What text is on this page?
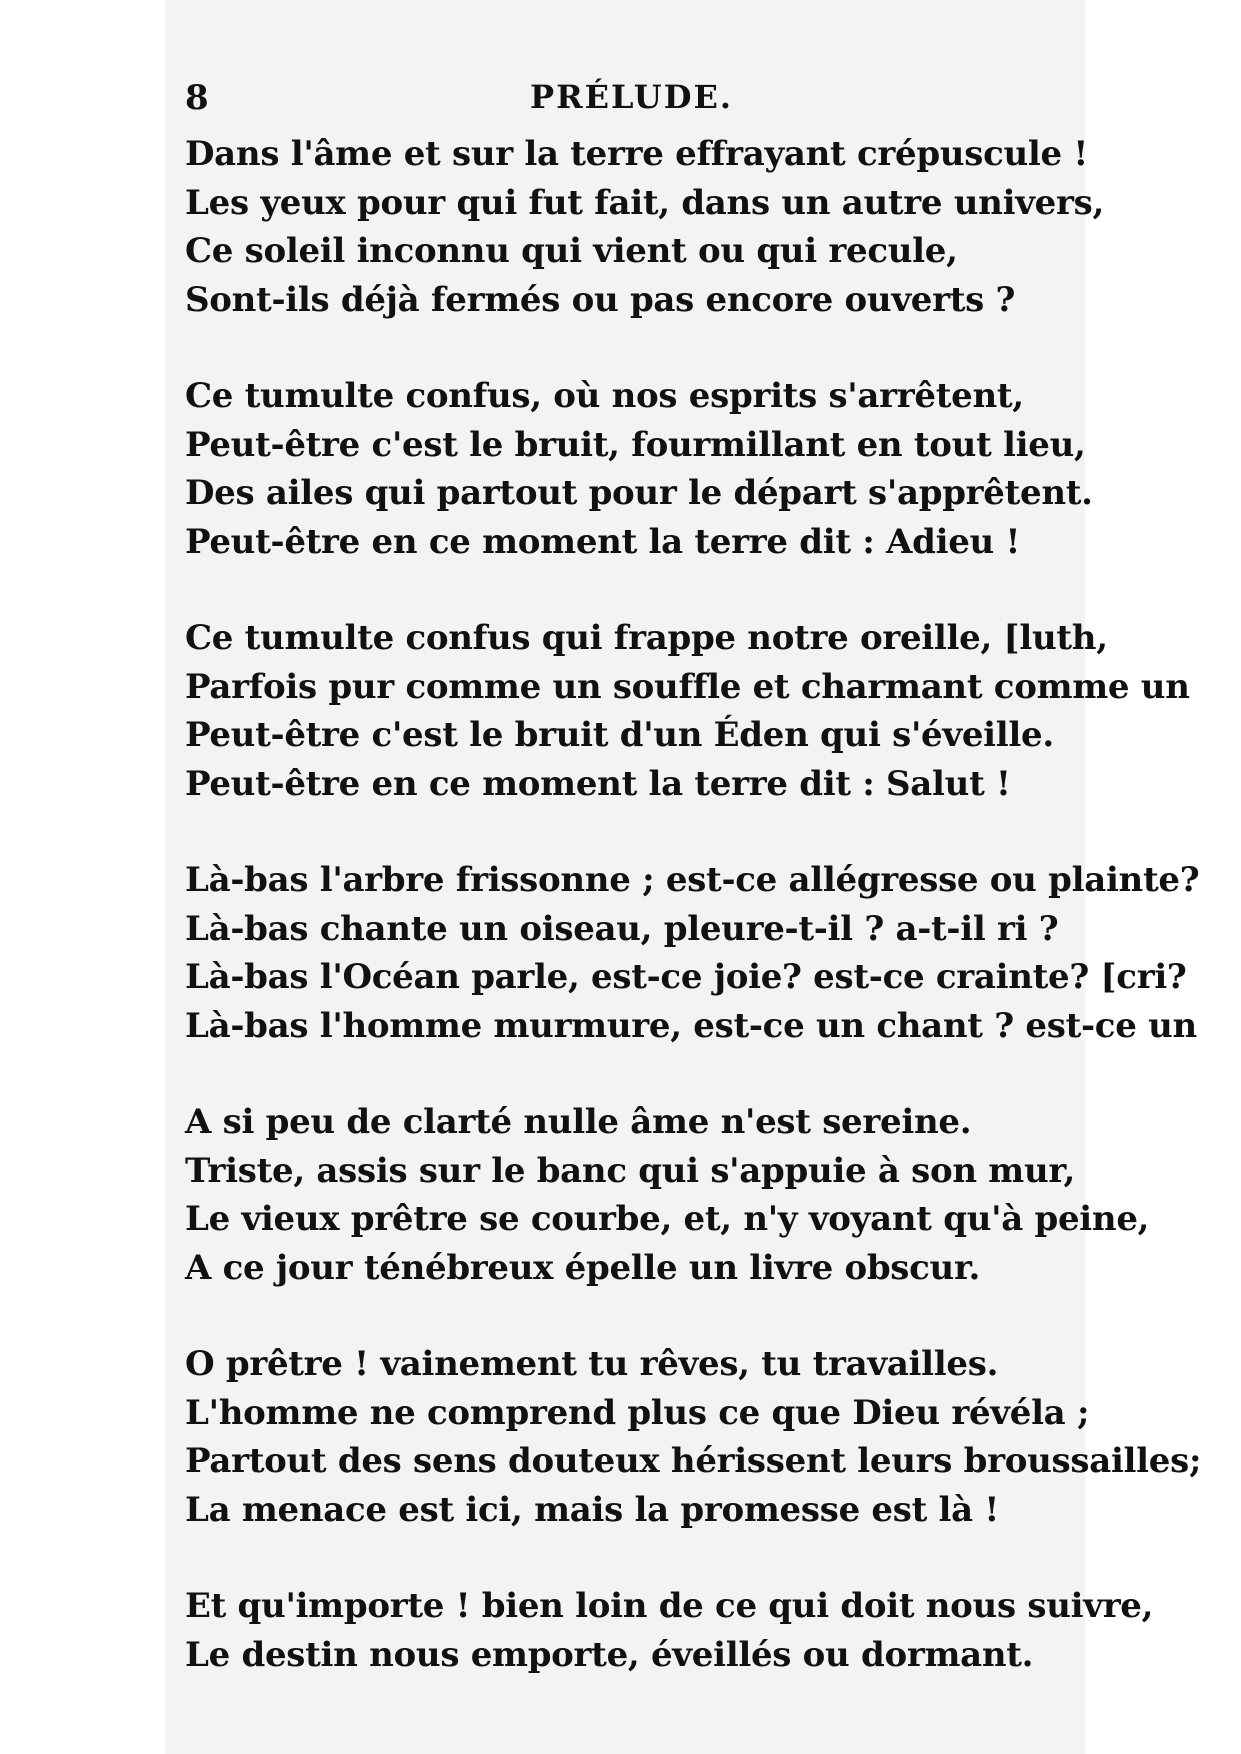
8	PRÉLUDE.
Dans l'âme et sur la terre effrayant crépuscule !
Les yeux pour qui fut fait, dans un autre univers,
Ce soleil inconnu qui vient ou qui recule,
Sont-ils déjà fermés ou pas encore ouverts ?
Ce tumulte confus, où nos esprits s'arrêtent,
Peut-être c'est le bruit, fourmillant en tout lieu,
Des ailes qui partout pour le départ s'apprêtent.
Peut-être en ce moment la terre dit : Adieu !
Ce tumulte confus qui frappe notre oreille, [luth,
Parfois pur comme un souffle et charmant comme un
Peut-être c'est le bruit d'un Éden qui s'éveille.
Peut-être en ce moment la terre dit : Salut !
Là-bas l'arbre frissonne ; est-ce allégresse ou plainte?
Là-bas chante un oiseau, pleure-t-il ? a-t-il ri ?
Là-bas l'Océan parle, est-ce joie? est-ce crainte? [cri?
Là-bas l'homme murmure, est-ce un chant ? est-ce un
A si peu de clarté nulle âme n'est sereine.
Triste, assis sur le banc qui s'appuie à son mur,
Le vieux prêtre se courbe, et, n'y voyant qu'à peine,
A ce jour ténébreux épelle un livre obscur.
O prêtre ! vainement tu rêves, tu travailles.
L'homme ne comprend plus ce que Dieu révéla ;
Partout des sens douteux hérissent leurs broussailles;
La menace est ici, mais la promesse est là !
Et qu'importe ! bien loin de ce qui doit nous suivre,
Le destin nous emporte, éveillés ou dormant.
